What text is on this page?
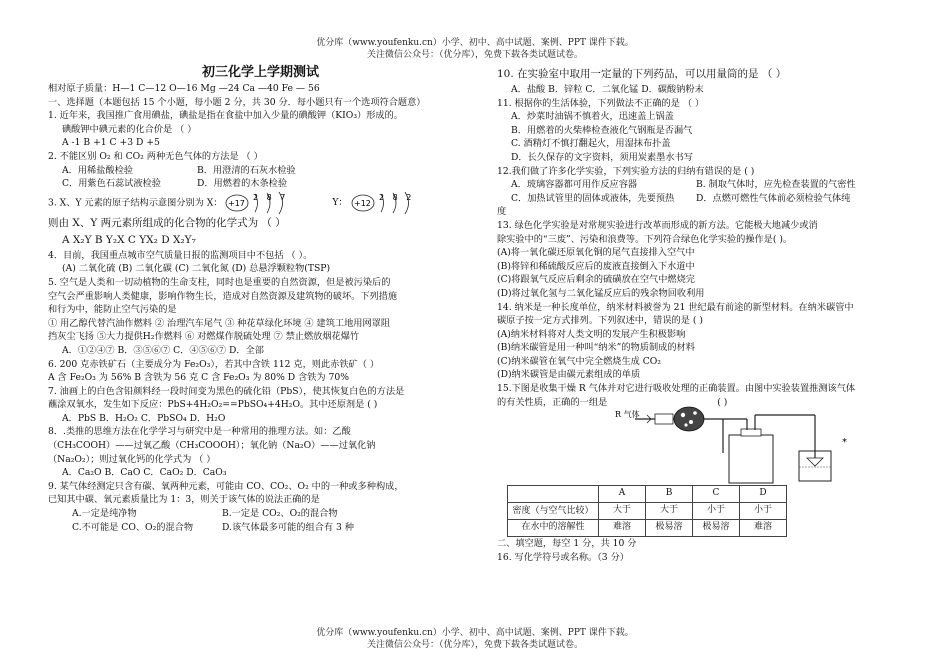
优分库（www.youfenku.cn）小学、初中、高中试题、案例、PPT 课件下载。
关注微信公众号：（优分库），免费下载各类试题试卷。

初三化学上学期测试

相对原子质量：H—1 C—12 O—16 Mg —24 Ca —40 Fe — 56

一、选择题（本题包括 15 个小题，每小题 2 分，共 30 分．每小题只有一个选项符合题意）

1. 近年来，我国推广食用碘盐，碘盐是指在食盐中加入少量的碘酸钾（KIO₃）形成的。

碘酸钾中碘元素的化合价是 （ ）

A -1 B +1 C +3 D +5

2. 不能区别 O₂ 和 CO₂ 两种无色气体的方法是 （ ）

A．用稀盐酸检验	B．用澄清的石灰水检验

C．用紫色石蕊试液检验	D．用燃着的木条检验

3. X、Y 元素的原子结构示意图分别为 X： +17
2 8 7	Y： +12
2 8 2

则由 X、Y 两元素所组成的化合物的化学式为 （ ）

A X₂Y B Y₂X C YX₂ D X₂Y₇

4．目前，我国重点城市空气质量日报的监测项目中不包括 （ ）。

(A) 二氧化硫 (B) 二氧化碳 (C) 二氧化氮 (D) 总悬浮颗粒物(TSP)

5. 空气是人类和一切动植物的生命支柱，同时也是重要的自然资源，但是被污染后的

空气会严重影响人类健康，影响作物生长，造成对自然资源及建筑物的破坏。下列措施

和行为中，能防止空气污染的是

① 用乙醇代替汽油作燃料 ② 治理汽车尾气 ③ 种花草绿化环境 ④ 建筑工地用网罩阻

挡灰尘飞扬 ⑤大力提供H₂作燃料 ⑥ 对燃煤作脱硫处理 ⑦ 禁止燃放烟花爆竹

A．①②④⑦ B．③⑤⑥⑦ C．④⑤⑥⑦ D．全部

6. 200 克赤铁矿石（主要成分为 Fe₂O₃），若其中含铁 112 克，则此赤铁矿（ ）

A 含 Fe₂O₃ 为 56% B 含铁为 56 克 C 含 Fe₂O₃ 为 80% D 含铁为 70%

7. 油画上的白色含铅颜料经一段时间变为黑色的硫化铅（PbS），使其恢复白色的方法是

蘸涂双氧水，发生如下反应：PbS+4H₂O₂==PbSO₄+4H₂O。其中还原剂是 ( )

A．PbS B．H₂O₂ C．PbSO₄ D．H₂O

8．.类推的思维方法在化学学习与研究中是一种常用的推理方法。如：乙酸

（CH₃COOH）——过氧乙酸（CH₃COOOH）；氧化钠（Na₂O）——过氧化钠

（Na₂O₂）；则过氧化钙的化学式为 （ ）

A．Ca₂O B．CaO C．CaO₂ D．CaO₃

9. 某气体经测定只含有碳、氧两种元素，可能由 CO、CO₂、O₂ 中的一种或多种构成，

已知其中碳、氧元素质量比为 1：3，则关于该气体的说法正确的是

A.一定是纯净物	B.一定是 CO₂、O₂的混合物

C.不可能是 CO、O₂的混合物	D.该气体最多可能的组合有 3 种

10. 在实验室中取用一定量的下列药品，可以用量筒的是 （ ）

A．盐酸 B．锌粒 C．二氧化锰 D．碳酸钠粉末

11. 根据你的生活体验，下列做法不正确的是 （ ）

A．炒菜时油锅不慎着火，迅速盖上锅盖

B．用燃着的火柴棒检查液化气钢瓶是否漏气

C. 酒精灯不慎打翻起火，用湿抹布扑盖

D．长久保存的文字资料，须用炭素墨水书写

12.我们做了许多化学实验，下列实验方法的归纳有错误的是 ( )

A．玻璃容器都可用作反应容器	B. 制取气体时，应先检查装置的气密性

C．加热试管里的固体或液体，先要预热 D．点燃可燃性气体前必须检验气体纯

度

13. 绿色化学实验是对常规实验进行改革而形成的新方法。它能极大地减少或消

除实验中的“三废”、污染和浪费等。下列符合绿色化学实验的操作是( )。

(A)将一氧化碳还原氧化铜的尾气直接排入空气中

(B)将锌和稀硫酸反应后的废液直接倒入下水道中

(C)将跟氧气反应后剩余的硫磺放在空气中燃烧完

(D)将过氧化氢与二氧化锰反应后的残余物回收利用

14. 纳米是一种长度单位，纳米材料被誉为 21 世纪最有前途的新型材料。在纳米碳管中

碳原子按一定方式排列。下列叙述中，错误的是 ( )

(A)纳米材料将对人类文明的发展产生积极影响

(B)纳米碳管是用一种叫“纳米”的物质制成的材料

(C)纳米碳管在氧气中完全燃烧生成 CO₂

(D)纳米碳管是由碳元素组成的单质

15.下图是收集干燥 R 气体并对它进行吸收处理的正确装置。由图中实验装置推测该气体

的有关性质，正确的一组是	( )

R 气体
*
	A	B	C	D
密度（与空气比较）	大于	大于	小于	小于
在水中的溶解性	难溶	极易溶	极易溶	难溶

二、填空题，每空 1 分，共 10 分

16. 写化学符号或名称。（3 分）

优分库（www.youfenku.cn）小学、初中、高中试题、案例、PPT 课件下载。
关注微信公众号：（优分库），免费下载各类试题试卷。
